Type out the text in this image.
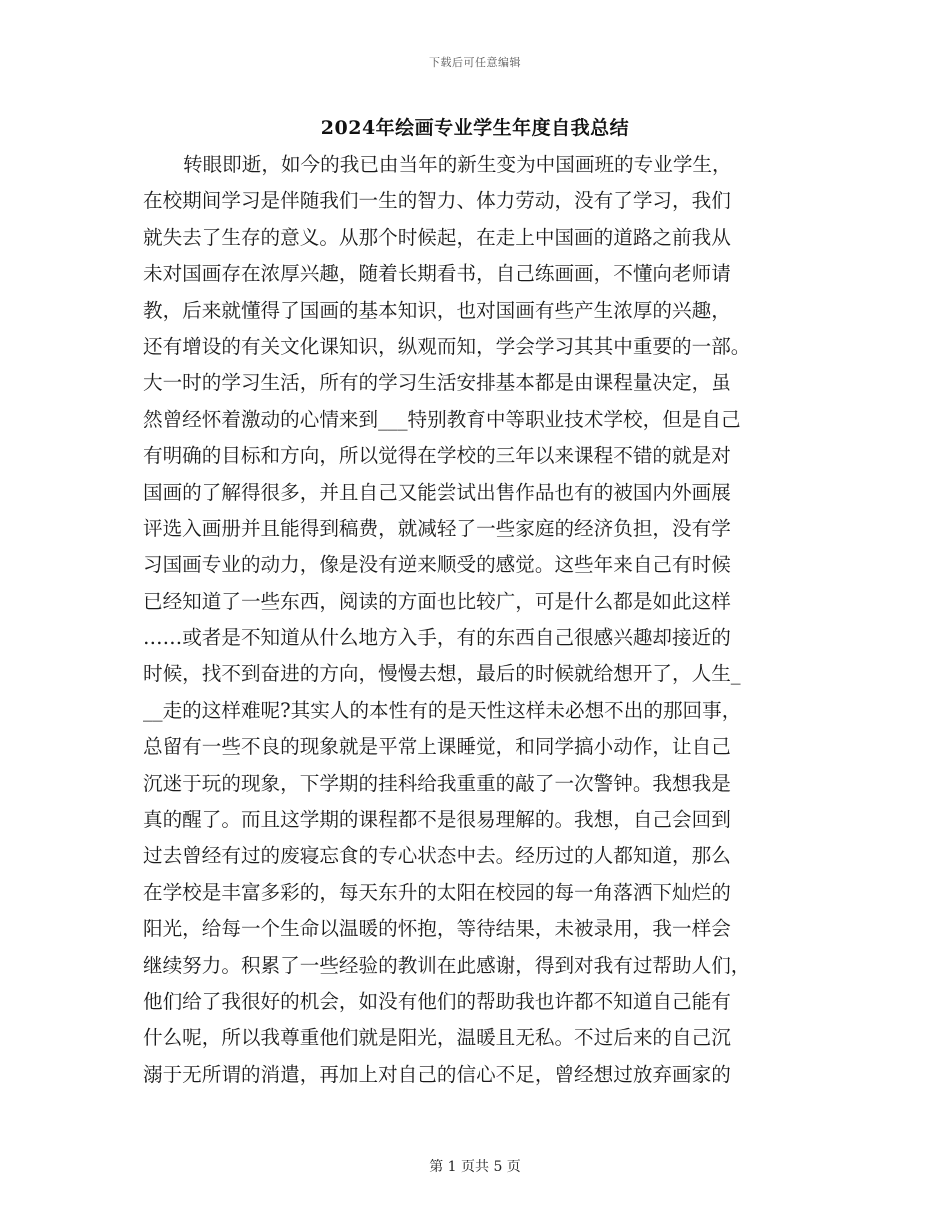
下载后可任意编辑
2024年绘画专业学生年度自我总结
转眼即逝，如今的我已由当年的新生变为中国画班的专业学生，
在校期间学习是伴随我们一生的智力、体力劳动，没有了学习，我们
就失去了生存的意义。从那个时候起，在走上中国画的道路之前我从
未对国画存在浓厚兴趣，随着长期看书，自己练画画，不懂向老师请
教，后来就懂得了国画的基本知识，也对国画有些产生浓厚的兴趣，
还有增设的有关文化课知识，纵观而知，学会学习其其中重要的一部。
大一时的学习生活，所有的学习生活安排基本都是由课程量决定，虽
然曾经怀着激动的心情来到___特别教育中等职业技术学校，但是自己
有明确的目标和方向，所以觉得在学校的三年以来课程不错的就是对
国画的了解得很多，并且自己又能尝试出售作品也有的被国内外画展
评选入画册并且能得到稿费，就减轻了一些家庭的经济负担，没有学
习国画专业的动力，像是没有逆来顺受的感觉。这些年来自己有时候
已经知道了一些东西，阅读的方面也比较广，可是什么都是如此这样
……或者是不知道从什么地方入手，有的东西自己很感兴趣却接近的
时候，找不到奋进的方向，慢慢去想，最后的时候就给想开了，人生_
__走的这样难呢?其实人的本性有的是天性这样未必想不出的那回事，
总留有一些不良的现象就是平常上课睡觉，和同学搞小动作，让自己
沉迷于玩的现象，下学期的挂科给我重重的敲了一次警钟。我想我是
真的醒了。而且这学期的课程都不是很易理解的。我想，自己会回到
过去曾经有过的废寝忘食的专心状态中去。经历过的人都知道，那么
在学校是丰富多彩的，每天东升的太阳在校园的每一角落洒下灿烂的
阳光，给每一个生命以温暖的怀抱，等待结果，未被录用，我一样会
继续努力。积累了一些经验的教训在此感谢，得到对我有过帮助人们，
他们给了我很好的机会，如没有他们的帮助我也许都不知道自己能有
什么呢，所以我尊重他们就是阳光，温暖且无私。不过后来的自己沉
溺于无所谓的消遣，再加上对自己的信心不足，曾经想过放弃画家的
第 1 页共 5 页
